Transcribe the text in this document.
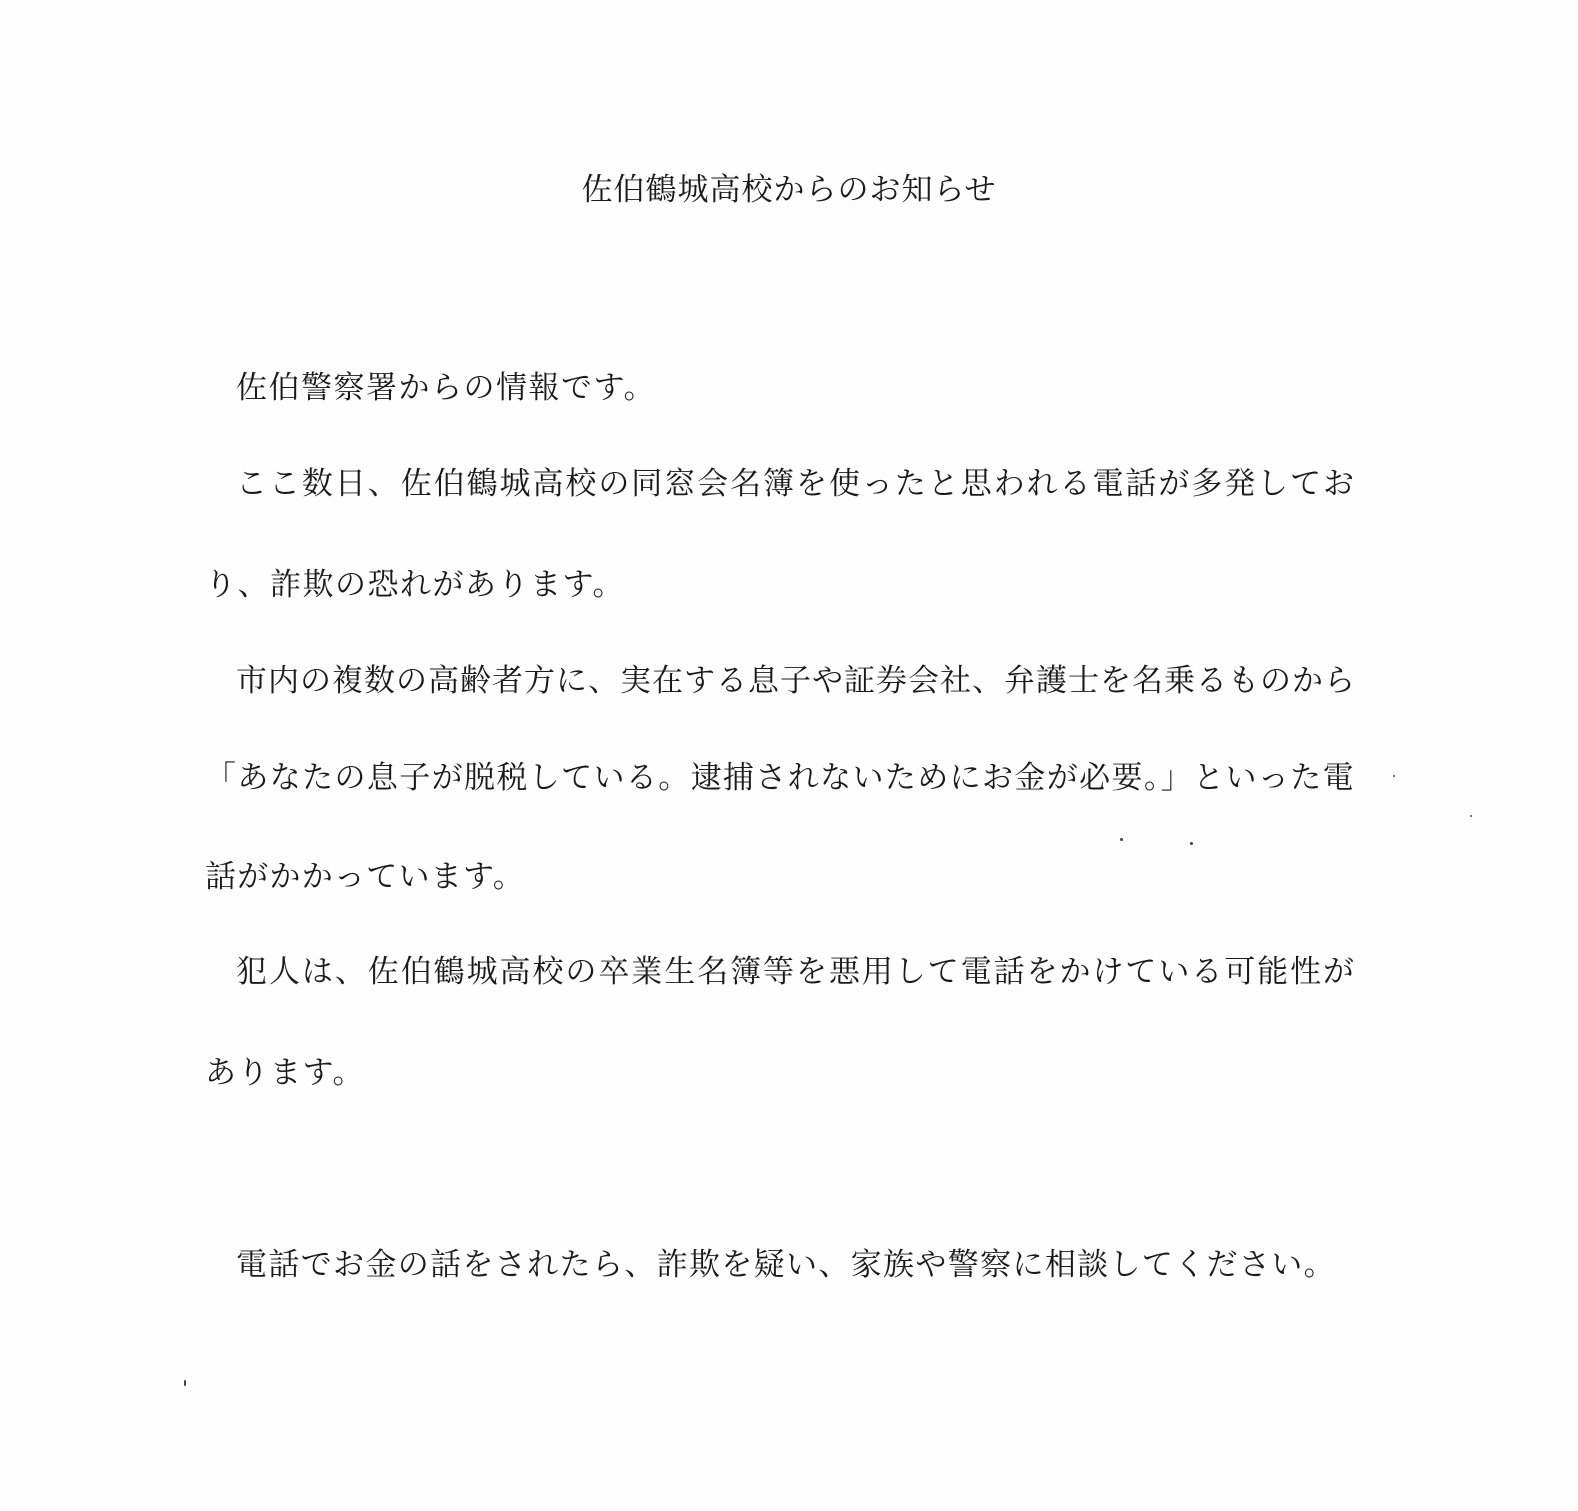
佐伯鶴城高校からのお知らせ
佐伯警察署からの情報です。
ここ数日、佐伯鶴城高校の同窓会名簿を使ったと思われる電話が多発してお
り、詐欺の恐れがあります。
市内の複数の高齢者方に、実在する息子や証券会社、弁護士を名乗るものから
「あなたの息子が脱税している。逮捕されないためにお金が必要。」といった電
話がかかっています。
犯人は、佐伯鶴城高校の卒業生名簿等を悪用して電話をかけている可能性が
あります。
電話でお金の話をされたら、詐欺を疑い、家族や警察に相談してください。
